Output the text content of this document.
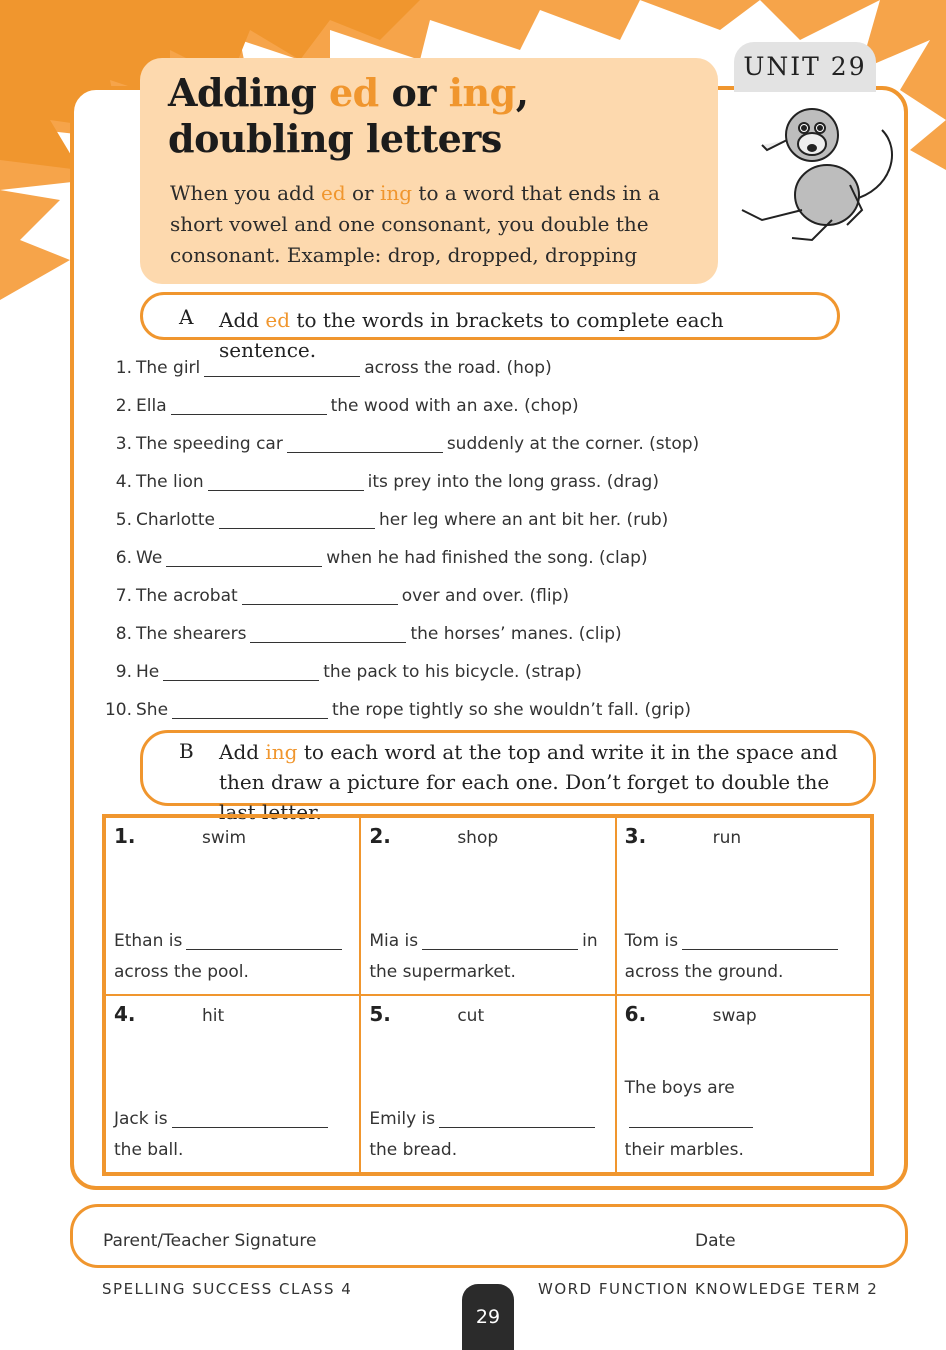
UNIT 29
Adding ed or ing, doubling letters

When you add ed or ing to a word that ends in a short vowel and one consonant, you double the consonant. Example: drop, dropped, dropping

A Add ed to the words in brackets to complete each sentence.
1. The girl	across the road. (hop)
2. Ella	the wood with an axe. (chop)
3. The speeding car	suddenly at the corner. (stop)
4. The lion	its prey into the long grass. (drag)
5. Charlotte	her leg where an ant bit her. (rub)
6. We	when he had finished the song. (clap)
7. The acrobat	over and over. (flip)
8. The shearers	the horses’ manes. (clip)
9. He	the pack to his bicycle. (strap)
10. She	the rope tightly so she wouldn’t fall. (grip)
B Add ing to each word at the top and write it in the space and then draw a picture for each one. Don’t forget to double the last letter.
1.	swim
Ethan is
across the pool.
2.	shop
Mia is	in the supermarket.
3.	run
Tom is
across the ground.
4.	hit
Jack isthe ball.
5.	cut
Emily is
the bread.
6.	swap
The boys are
their marbles.
Parent/Teacher Signature	Date
SPELLING SUCCESS CLASS 4
29
WORD FUNCTION KNOWLEDGE TERM 2
